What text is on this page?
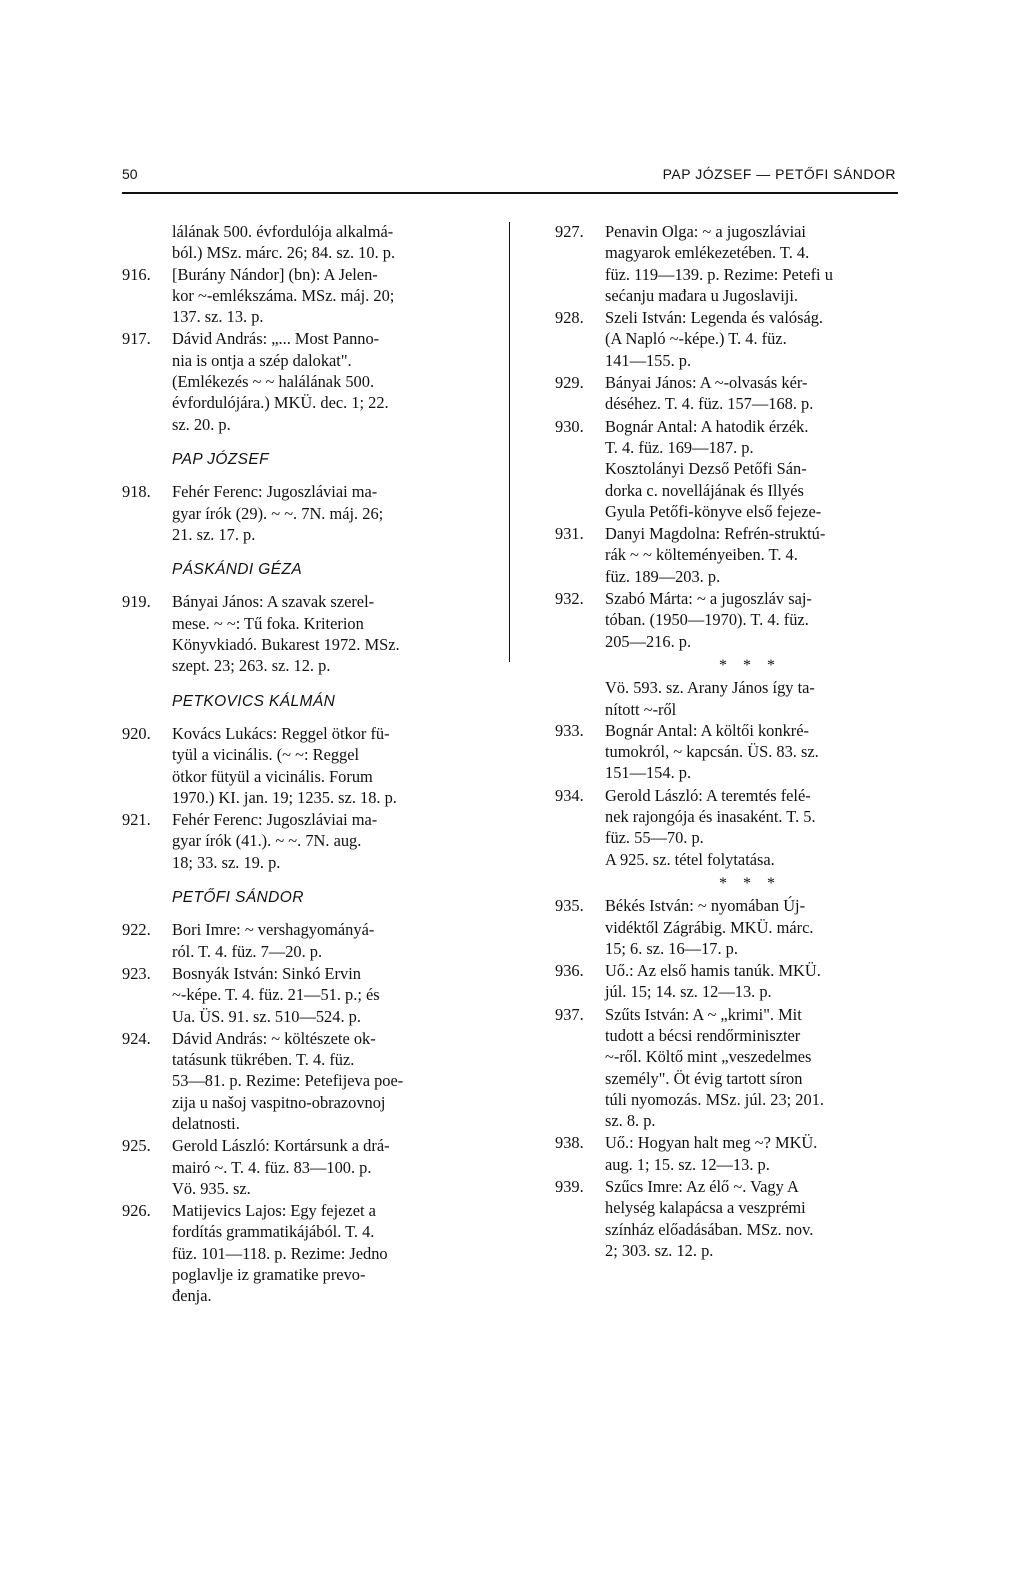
50	PAP JÓZSEF — PETŐFI SÁNDOR
lálának 500. évfordulója alkalmá-
ból.) MSz. márc. 26; 84. sz. 10. p.
916. [Burány Nándor] (bn): A Jelen-
kor ~-emlékszáma. MSz. máj. 20;
137. sz. 13. p.
917. Dávid András: „... Most Panno-
nia is ontja a szép dalokat".
(Emlékezés ~ ~ halálának 500.
évfordulójára.) MKÜ. dec. 1; 22.
sz. 20. p.
PAP JÓZSEF
918. Fehér Ferenc: Jugoszláviai ma-
gyar írók (29). ~ ~. 7N. máj. 26;
21. sz. 17. p.
PÁSKÁNDI GÉZA
919. Bányai János: A szavak szerel-
mese. ~ ~: Tű foka. Kriterion
Könyvkiadó. Bukarest 1972. MSz.
szept. 23; 263. sz. 12. p.
PETKOVICS KÁLMÁN
920. Kovács Lukács: Reggel ötkor fü-
tyül a vicinális. (~ ~: Reggel
ötkor fütyül a vicinális. Forum
1970.) KI. jan. 19; 1235. sz. 18. p.
921. Fehér Ferenc: Jugoszláviai ma-
gyar írók (41.). ~ ~. 7N. aug.
18; 33. sz. 19. p.
PETŐFI SÁNDOR
922. Bori Imre: ~ vershagyományá-
ról. T. 4. füz. 7—20. p.
923. Bosnyák István: Sinkó Ervin
~-képe. T. 4. füz. 21—51. p.; és
Ua. ÜS. 91. sz. 510—524. p.
924. Dávid András: ~ költészete ok-
tatásunk tükrében. T. 4. füz.
53—81. p. Rezime: Petefijeva poe-
zija u našoj vaspitno-obrazovnoj
delatnosti.
925. Gerold László: Kortársunk a drá-
mairó ~. T. 4. füz. 83—100. p.
Vö. 935. sz.
926. Matijevics Lajos: Egy fejezet a
fordítás grammatikájából. T. 4.
füz. 101—118. p. Rezime: Jedno
poglavlje iz gramatike prevo-
đenja.
927. Penavin Olga: ~ a jugoszláviai
magyarok emlékezetében. T. 4.
füz. 119—139. p. Rezime: Petefi u
sećanju mađara u Jugoslaviji.
928. Szeli István: Legenda és valóság.
(A Napló ~-képe.) T. 4. füz.
141—155. p.
929. Bányai János: A ~-olvasás kér-
déséhez. T. 4. füz. 157—168. p.
930. Bognár Antal: A hatodik érzék.
T. 4. füz. 169—187. p.
Kosztolányi Dezső Petőfi Sán-
dorka c. novellájának és Illyés
Gyula Petőfi-könyve első fejeze-
931. Danyi Magdolna: Refrén-struktú-
rák ~ ~ költeményeiben. T. 4.
füz. 189—203. p.
932. Szabó Márta: ~ a jugoszláv saj-
tóban. (1950—1970). T. 4. füz.
205—216. p.
* * *
Vö. 593. sz. Arany János így ta-
nított ~-ről
933. Bognár Antal: A költői konkré-
tumokról, ~ kapcsán. ÜS. 83. sz.
151—154. p.
934. Gerold László: A teremtés felé-
nek rajongója és inasaként. T. 5.
füz. 55—70. p.
A 925. sz. tétel folytatása.
* * *
935. Békés István: ~ nyomában Új-
vidéktől Zágrábig. MKÜ. márc.
15; 6. sz. 16—17. p.
936. Uő.: Az első hamis tanúk. MKÜ.
júl. 15; 14. sz. 12—13. p.
937. Szűts István: A ~ „krimi". Mit
tudott a bécsi rendőrminiszter
~-ről. Költő mint „veszedelmes
személy". Öt évig tartott síron
túli nyomozás. MSz. júl. 23; 201.
sz. 8. p.
938. Uő.: Hogyan halt meg ~? MKÜ.
aug. 1; 15. sz. 12—13. p.
939. Szűcs Imre: Az élő ~. Vagy A
helység kalapácsa a veszprémi
színház előadásában. MSz. nov.
2; 303. sz. 12. p.
